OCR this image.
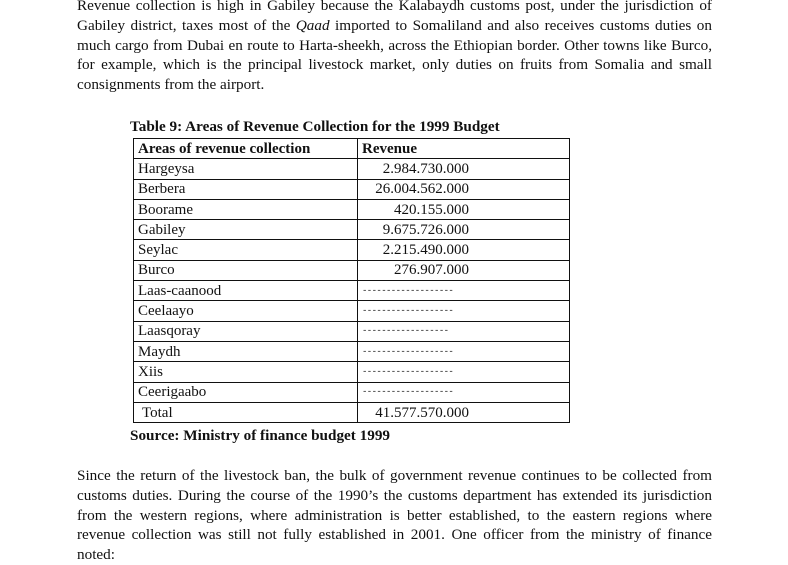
Revenue collection is high in Gabiley because the Kalabaydh customs post, under the jurisdiction of Gabiley district, taxes most of the Qaad imported to Somaliland and also receives customs duties on much cargo from Dubai en route to Harta-sheekh, across the Ethiopian border. Other towns like Burco, for example, which is the principal livestock market, only duties on fruits from Somalia and small consignments from the airport.

Table 9: Areas of Revenue Collection for the 1999 Budget
Areas of revenue collection	Revenue
Hargeysa	2.984.730.000
Berbera	26.004.562.000
Boorame	420.155.000
Gabiley	9.675.726.000
Seylac	2.215.490.000
Burco	276.907.000
Laas-caanood	-------------------
Ceelaayo	-------------------
Laasqoray	------------------
Maydh	-------------------
Xiis	-------------------
Ceerigaabo	-------------------
Total	41.577.570.000
Source: Ministry of finance budget 1999

Since the return of the livestock ban, the bulk of government revenue continues to be collected from customs duties. During the course of the 1990’s the customs department has extended its jurisdiction from the western regions, where administration is better established, to the eastern regions where revenue collection was still not fully established in 2001. One officer from the ministry of finance noted:
